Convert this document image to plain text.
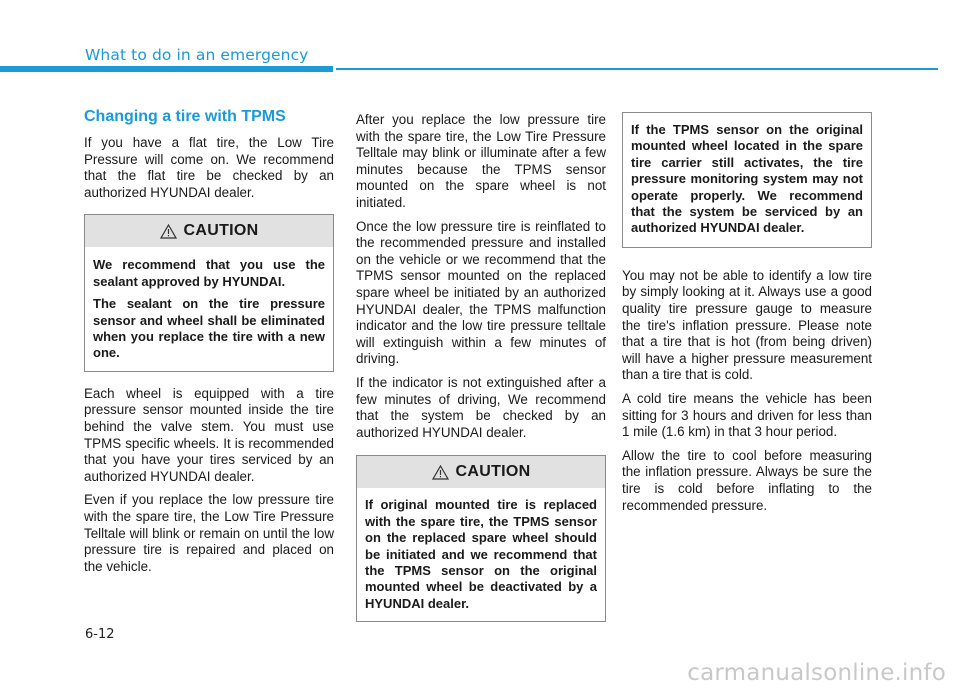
What to do in an emergency
Changing a tire with TPMS

If you have a flat tire, the Low Tire Pressure will come on. We recommend that the flat tire be checked by an authorized HYUNDAI dealer.

CAUTION

We recommend that you use the sealant approved by HYUNDAI.

The sealant on the tire pressure sensor and wheel shall be eliminated when you replace the tire with a new one.

Each wheel is equipped with a tire pressure sensor mounted inside the tire behind the valve stem. You must use TPMS specific wheels. It is recommended that you have your tires serviced by an authorized HYUNDAI dealer.

Even if you replace the low pressure tire with the spare tire, the Low Tire Pressure Telltale will blink or remain on until the low pressure tire is repaired and placed on the vehicle.

After you replace the low pressure tire with the spare tire, the Low Tire Pressure Telltale may blink or illuminate after a few minutes because the TPMS sensor mounted on the spare wheel is not initiated.

Once the low pressure tire is reinflated to the recommended pressure and installed on the vehicle or we recommend that the TPMS sensor mounted on the replaced spare wheel be initiated by an authorized HYUNDAI dealer, the TPMS malfunction indicator and the low tire pressure telltale will extinguish within a few minutes of driving.

If the indicator is not extinguished after a few minutes of driving, We recommend that the system be checked by an authorized HYUNDAI dealer.

CAUTION

If original mounted tire is replaced with the spare tire, the TPMS sensor on the replaced spare wheel should be initiated and we recommend that the TPMS sensor on the original mounted wheel be deactivated by a HYUNDAI dealer.

If the TPMS sensor on the original mounted wheel located in the spare tire carrier still activates, the tire pressure monitoring system may not operate properly. We recommend that the system be serviced by an authorized HYUNDAI dealer.

You may not be able to identify a low tire by simply looking at it. Always use a good quality tire pressure gauge to measure the tire's inflation pressure. Please note that a tire that is hot (from being driven) will have a higher pressure measurement than a tire that is cold.

A cold tire means the vehicle has been sitting for 3 hours and driven for less than 1 mile (1.6 km) in that 3 hour period.

Allow the tire to cool before measuring the inflation pressure. Always be sure the tire is cold before inflating to the recommended pressure.

6-12
carmanualsonline.info
